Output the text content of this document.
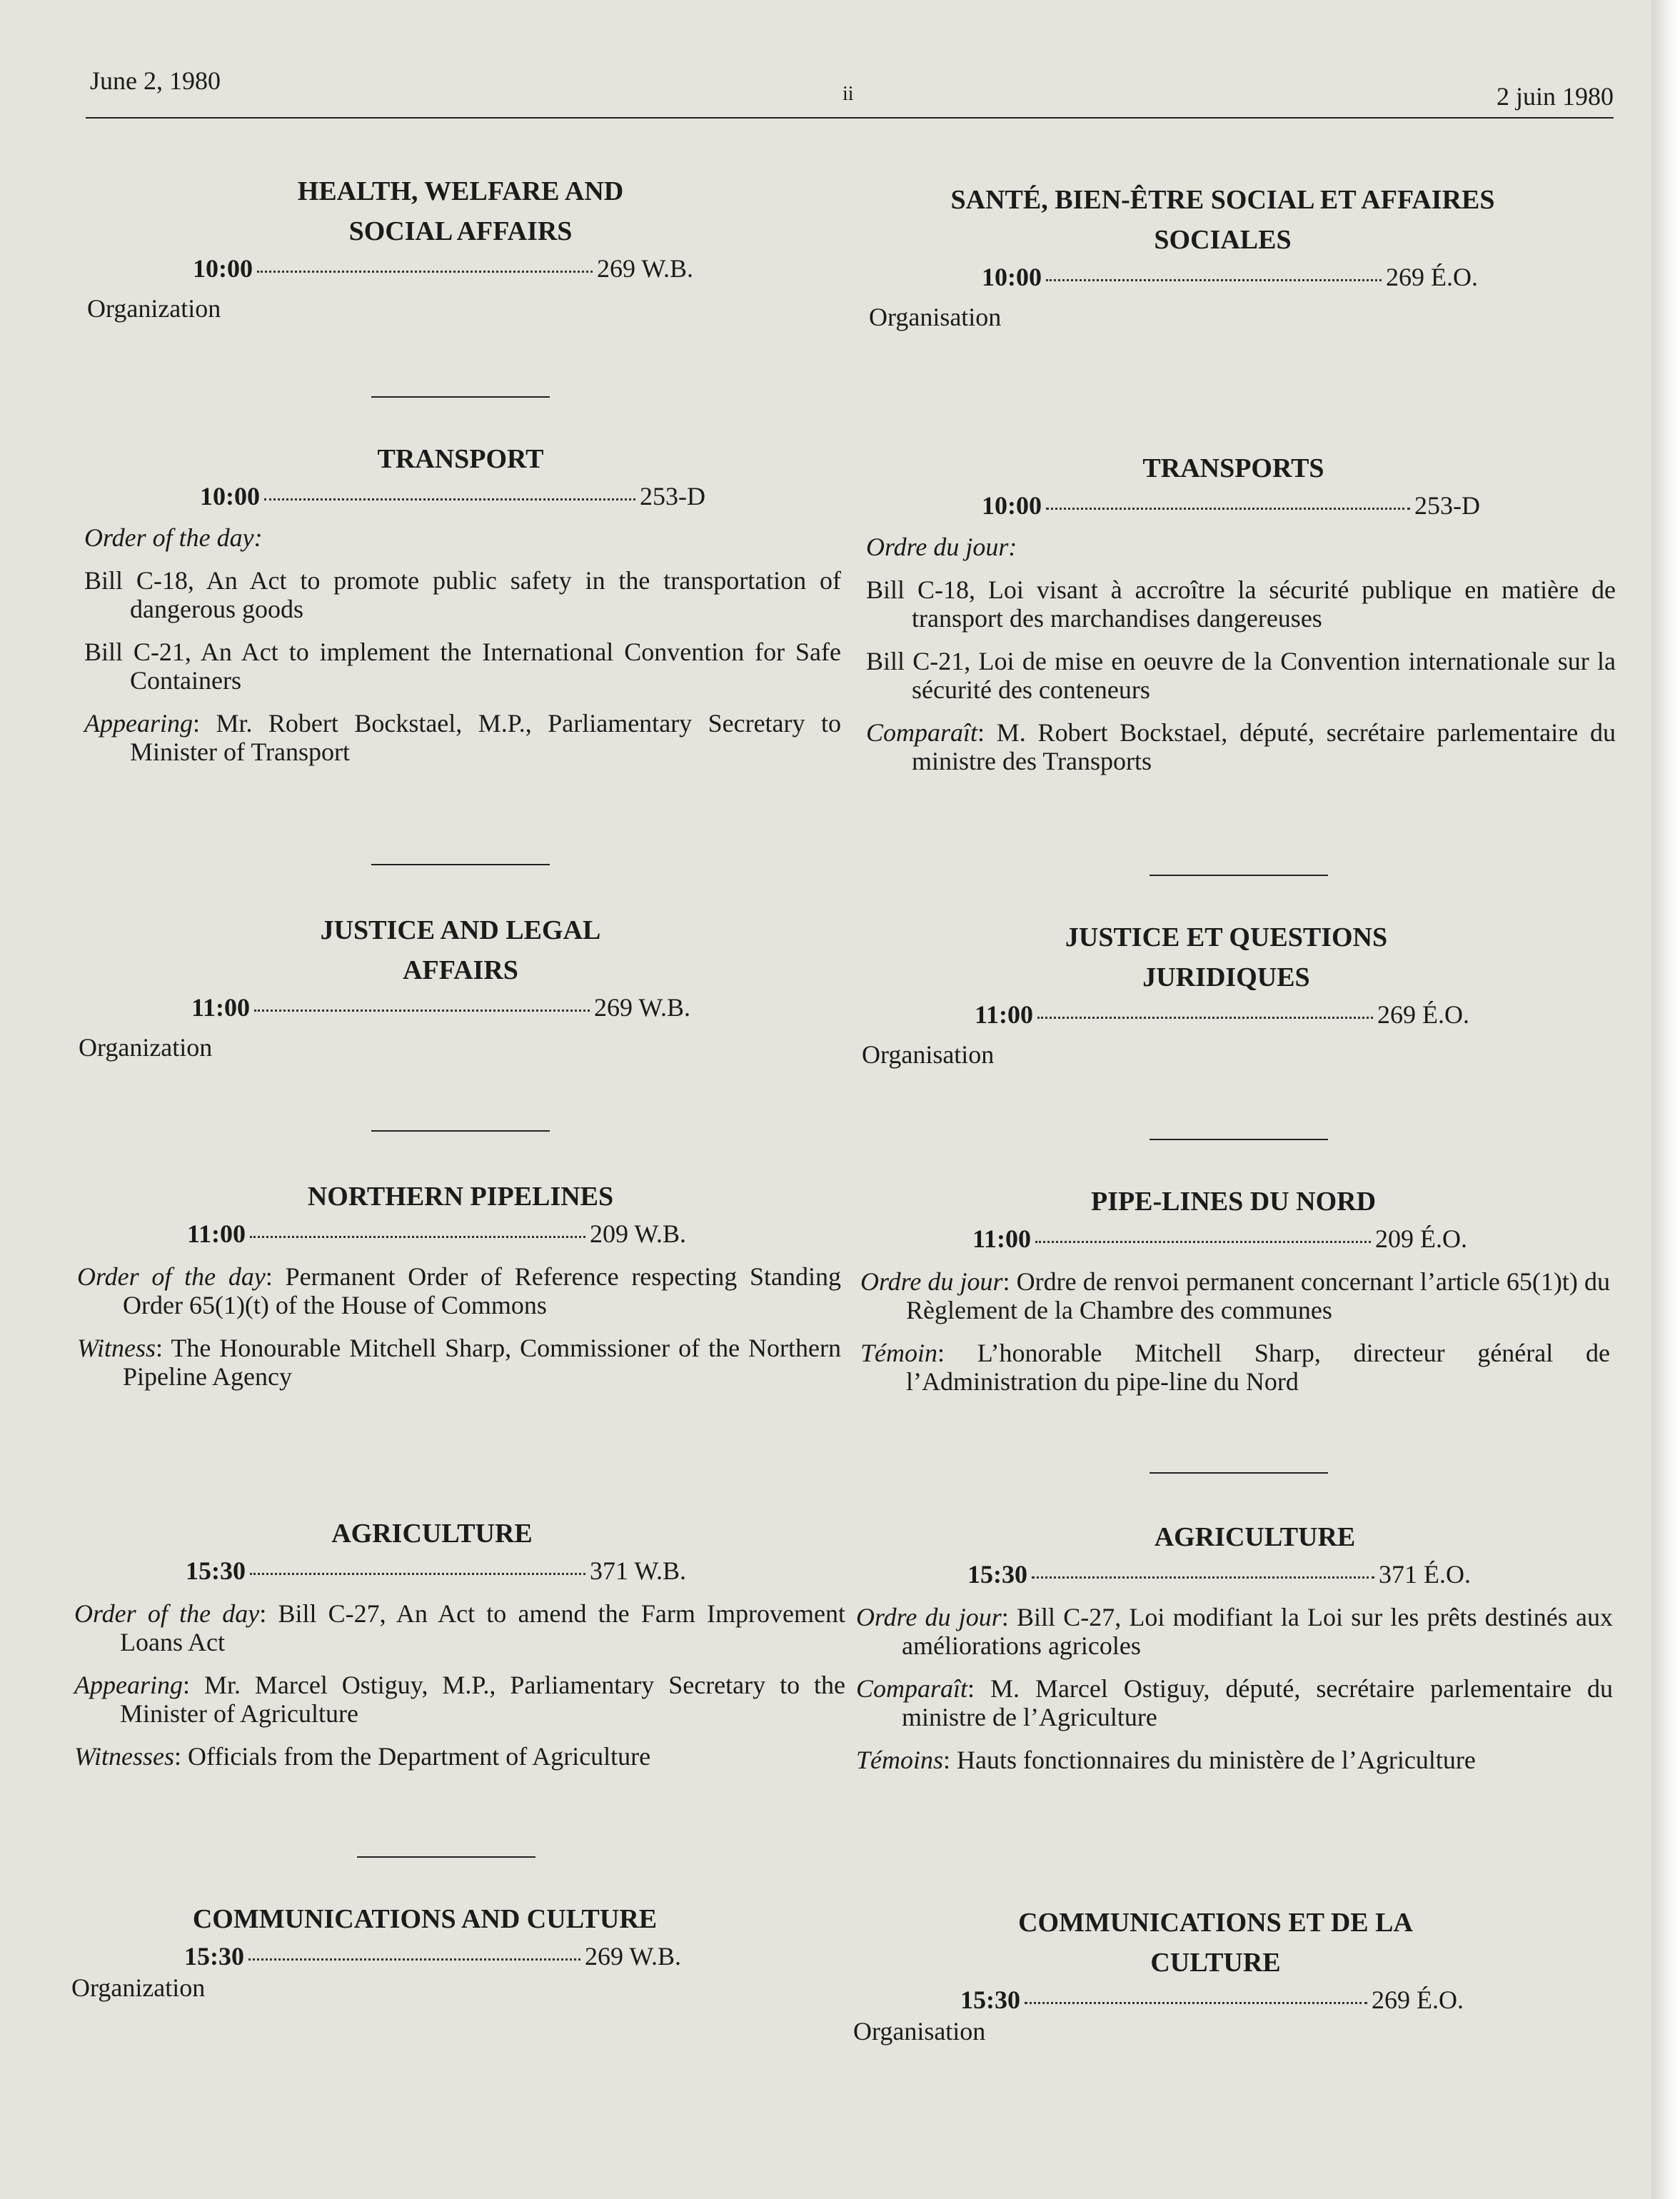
June 2, 1980	ii	2 juin 1980
HEALTH, WELFARE AND SOCIAL AFFAIRS
10:00	269 W.B.
Organization
TRANSPORT
10:00	253-D

Order of the day:

Bill C-18, An Act to promote public safety in the transportation of dangerous goods

Bill C-21, An Act to implement the International Convention for Safe Containers

Appearing: Mr. Robert Bockstael, M.P., Parliamentary Secretary to Minister of Transport

JUSTICE AND LEGAL AFFAIRS
11:00	269 W.B.
Organization
NORTHERN PIPELINES
11:00	209 W.B.

Order of the day: Permanent Order of Reference respecting Standing Order 65(1)(t) of the House of Commons

Witness: The Honourable Mitchell Sharp, Commissioner of the Northern Pipeline Agency

AGRICULTURE
15:30	371 W.B.

Order of the day: Bill C-27, An Act to amend the Farm Improvement Loans Act

Appearing: Mr. Marcel Ostiguy, M.P., Parliamentary Secretary to the Minister of Agriculture

Witnesses: Officials from the Department of Agriculture

COMMUNICATIONS AND CULTURE
15:30	269 W.B.
Organization
SANTÉ, BIEN-ÊTRE SOCIAL ET AFFAIRES SOCIALES
10:00	269 É.O.
Organisation
TRANSPORTS
10:00	253-D

Ordre du jour:

Bill C-18, Loi visant à accroître la sécurité publique en matière de transport des marchandises dangereuses

Bill C-21, Loi de mise en oeuvre de la Convention internationale sur la sécurité des conteneurs

Comparaît: M. Robert Bockstael, député, secrétaire parlementaire du ministre des Transports

JUSTICE ET QUESTIONS JURIDIQUES
11:00	269 É.O.
Organisation
PIPE-LINES DU NORD
11:00	209 É.O.

Ordre du jour: Ordre de renvoi permanent concernant l’article 65(1)t) du Règlement de la Chambre des communes

Témoin: L’honorable Mitchell Sharp, directeur général de l’Administration du pipe-line du Nord

AGRICULTURE
15:30	371 É.O.

Ordre du jour: Bill C-27, Loi modifiant la Loi sur les prêts destinés aux améliorations agricoles

Comparaît: M. Marcel Ostiguy, député, secrétaire parlementaire du ministre de l’Agriculture

Témoins: Hauts fonctionnaires du ministère de l’Agriculture

COMMUNICATIONS ET DE LA CULTURE
15:30	269 É.O.
Organisation
